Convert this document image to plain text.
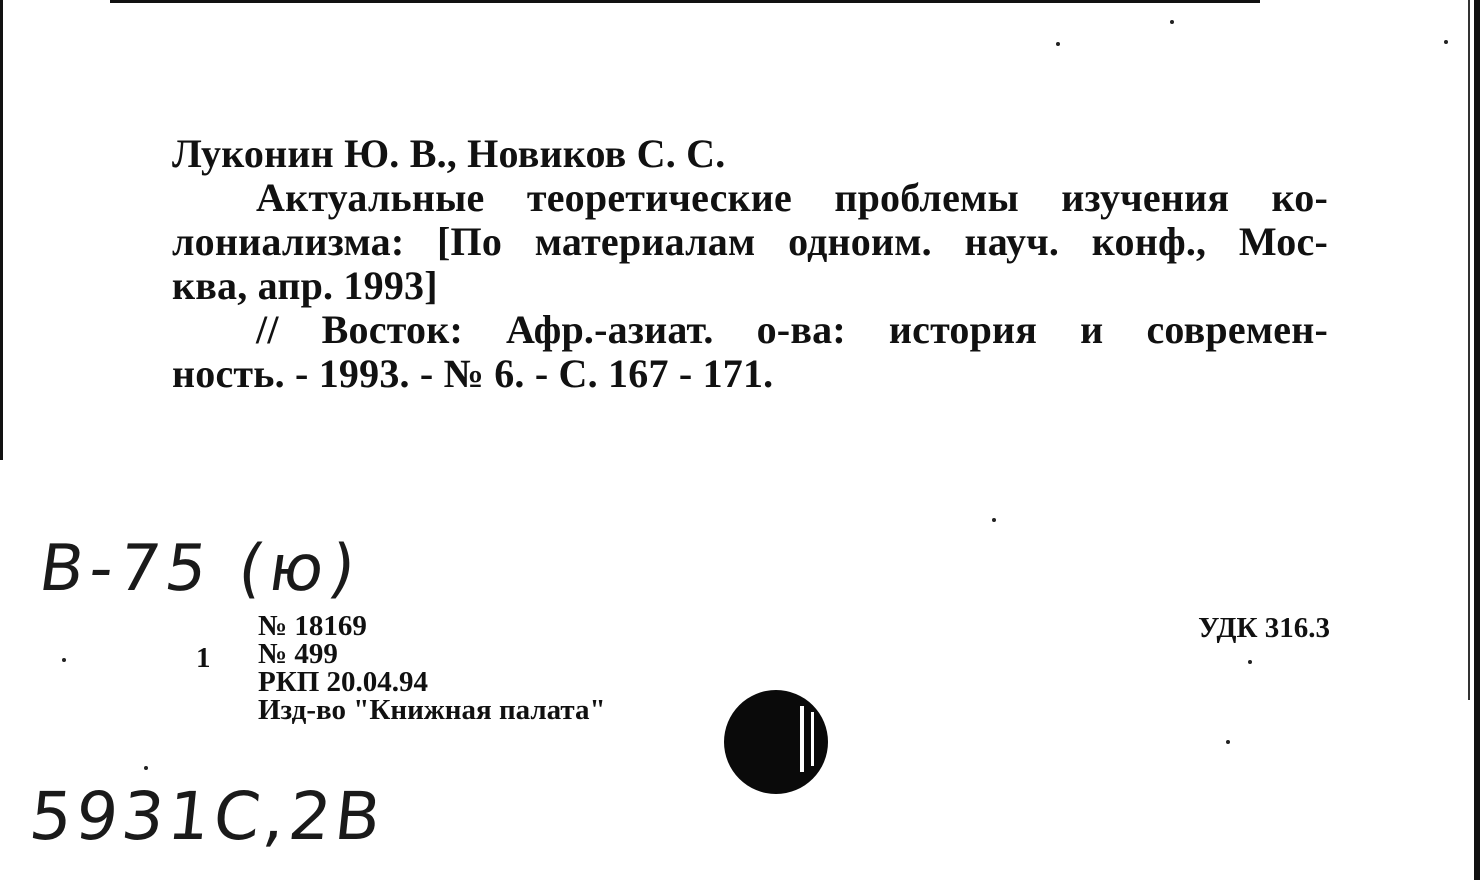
Луконин Ю. В., Новиков С. С.
Актуальные теоретические проблемы изучения ко-
лониализма: [По материалам одноим. науч. конф., Мос-
ква, апр. 1993]
// Восток: Афр.-азиат. о-ва: история и современ-
ность. - 1993. - № 6. - С. 167 - 171.
В-75 (ю)
1
№ 18169
№ 499
РКП 20.04.94
Изд-во "Книжная палата"
УДК 316.3
5931С,2В
